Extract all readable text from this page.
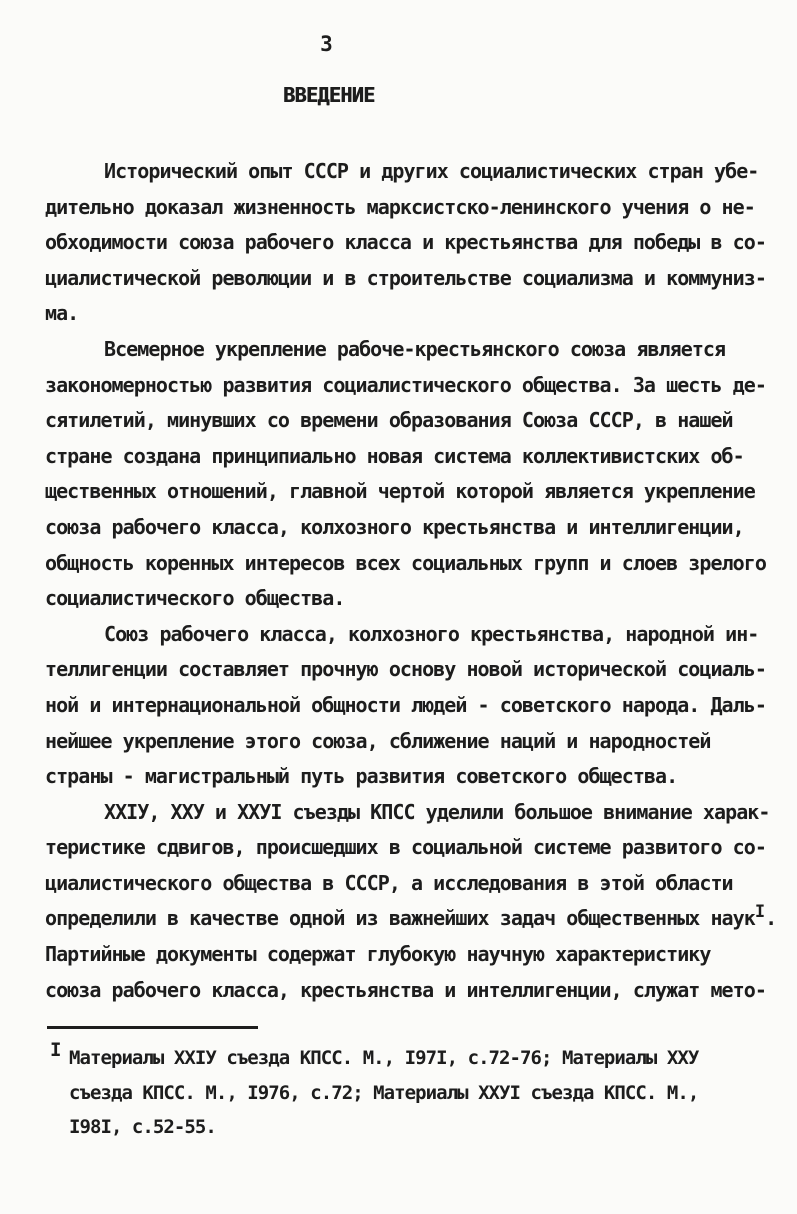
3
ВВЕДЕНИЕ
Исторический опыт СССР и других социалистических стран убе-
дительно доказал жизненность марксистско-ленинского учения о не-
обходимости союза рабочего класса и крестьянства для победы в со-
циалистической революции и в строительстве социализма и коммуниз-
ма.
Всемерное укрепление рабоче-крестьянского союза является
закономерностью развития социалистического общества. За шесть де-
сятилетий, минувших со времени образования Союза СССР, в нашей
стране создана принципиально новая система коллективистских об-
щественных отношений, главной чертой которой является укрепление
союза рабочего класса, колхозного крестьянства и интеллигенции,
общность коренных интересов всех социальных групп и слоев зрелого
социалистического общества.
Союз рабочего класса, колхозного крестьянства, народной ин-
теллигенции составляет прочную основу новой исторической социаль-
ной и интернациональной общности людей - советского народа. Даль-
нейшее укрепление этого союза, сближение наций и народностей
страны - магистральный путь развития советского общества.
ХХIУ, ХХУ и ХХУI съезды КПСС уделили большое внимание харак-
теристике сдвигов, происшедших в социальной системе развитого со-
циалистического общества в СССР, а исследования в этой области
определили в качестве одной из важнейших задач общественных наук$^I$.
Партийные документы содержат глубокую научную характеристику
союза рабочего класса, крестьянства и интеллигенции, служат мето-
I Материалы ХХIУ съезда КПСС. М., I97I, с.72-76; Материалы ХХУ
съезда КПСС. М., I976, с.72; Материалы ХХУI съезда КПСС. М.,
I98I, с.52-55.
